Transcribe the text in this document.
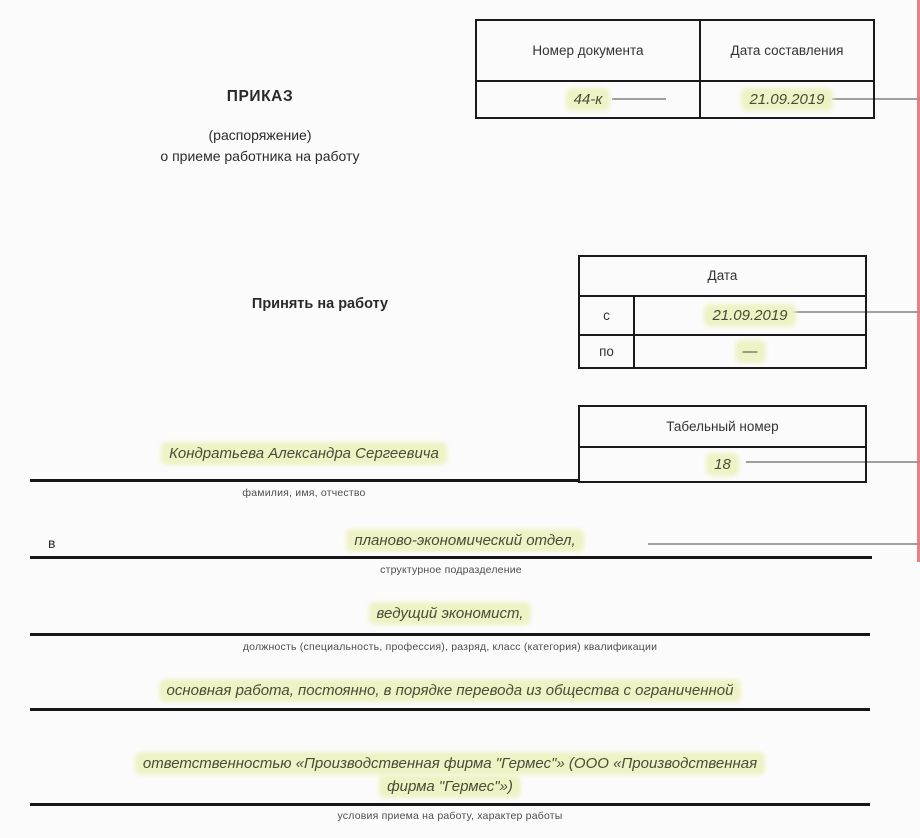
Номер документа	Дата составления
44-к	21.09.2019
ПРИКАЗ
(распоряжение)
о приеме работника на работу
Принять на работу
Дата
с	21.09.2019
по	—
Табельный номер
18
Кондратьева Александра Сергеевича
фамилия, имя, отчество
в	планово-экономический отдел,
структурное подразделение
ведущий экономист,
должность (специальность, профессия), разряд, класс (категория) квалификации
основная работа, постоянно, в порядке перевода из общества с ограниченной
ответственностью «Производственная фирма "Гермес"» (ООО «Производственная
фирма "Гермес"»)
условия приема на работу, характер работы
